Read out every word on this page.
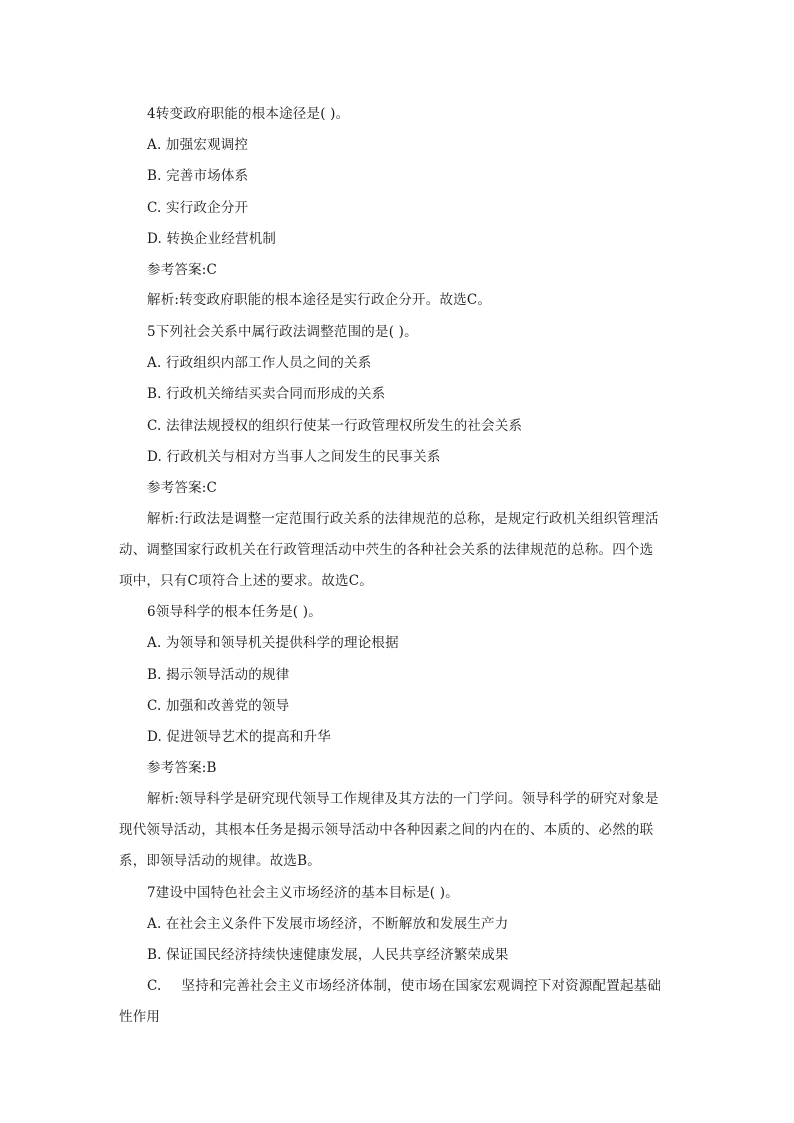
4转变政府职能的根本途径是( )。
A. 加强宏观调控
B. 完善市场体系
C. 实行政企分开
D. 转换企业经营机制
参考答案:C
解析:转变政府职能的根本途径是实行政企分开。故选C。
5下列社会关系中属行政法调整范围的是( )。
A. 行政组织内部工作人员之间的关系
B. 行政机关缔结买卖合同而形成的关系
C. 法律法规授权的组织行使某一行政管理权所发生的社会关系
D. 行政机关与相对方当事人之间发生的民事关系
参考答案:C
解析:行政法是调整一定范围行政关系的法律规范的总称，是规定行政机关组织管理活
动、调整国家行政机关在行政管理活动中茓生的各种社会关系的法律规范的总称。四个选
项中，只有C项符合上述的要求。故选C。
6领导科学的根本任务是( )。
A. 为领导和领导机关提供科学的理论根据
B. 揭示领导活动的规律
C. 加强和改善党的领导
D. 促进领导艺术的提高和升华
参考答案:B
解析:领导科学是研究现代领导工作规律及其方法的一门学问。领导科学的研究对象是
现代领导活动，其根本任务是揭示领导活动中各种因素之间的内在的、本质的、必然的联
系，即领导活动的规律。故选B。
7建设中国特色社会主义市场经济的基本目标是( )。
A. 在社会主义条件下发展市场经济，不断解放和发展生产力
B. 保证国民经济持续快速健康发展，人民共享经济繁荣成果
C. 坚持和完善社会主义市场经济体制，使市场在国家宏观调控下对资源配置起基础
性作用
